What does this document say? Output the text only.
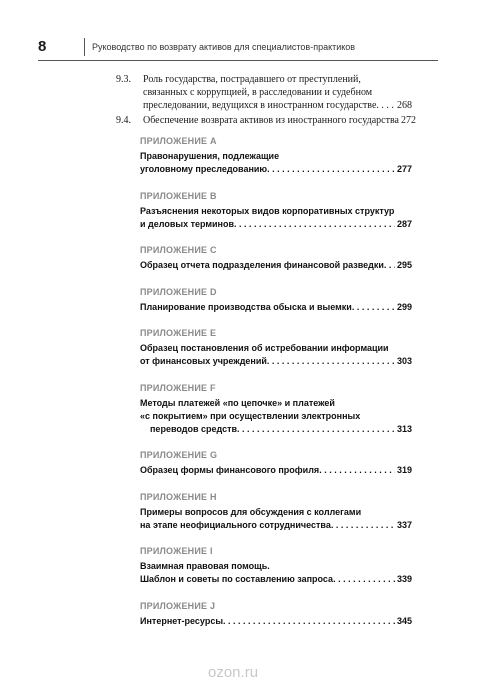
8	Руководство по возврату активов для специалистов-практиков
9.3. Роль государства, пострадавшего от преступлений,
связанных с коррупцией, в расследовании и судебном
преследовании, ведущихся в иностранном государстве . . . 268
9.4. Обеспечение возврата активов из иностранного государства 272
ПРИЛОЖЕНИЕ A
Правонарушения, подлежащие
уголовному преследованию . . .	277
ПРИЛОЖЕНИЕ B
Разъяснения некоторых видов корпоративных структур
и деловых терминов . . .	287
ПРИЛОЖЕНИЕ C
Образец отчета подразделения финансовой разведки . . . 295
ПРИЛОЖЕНИЕ D
Планирование производства обыска и выемки . . .	299
ПРИЛОЖЕНИЕ E
Образец постановления об истребовании информации
от финансовых учреждений . . .	303
ПРИЛОЖЕНИЕ F
Методы платежей «по цепочке» и платежей
«с покрытием» при осуществлении электронных
переводов средств . . .	313
ПРИЛОЖЕНИЕ G
Образец формы финансового профиля . . .	319
ПРИЛОЖЕНИЕ H
Примеры вопросов для обсуждения с коллегами
на этапе неофициального сотрудничества . . .	337
ПРИЛОЖЕНИЕ I
Взаимная правовая помощь.
Шаблон и советы по составлению запроса . . .	339
ПРИЛОЖЕНИЕ J
Интернет-ресурсы . . .	345
ozon.ru
